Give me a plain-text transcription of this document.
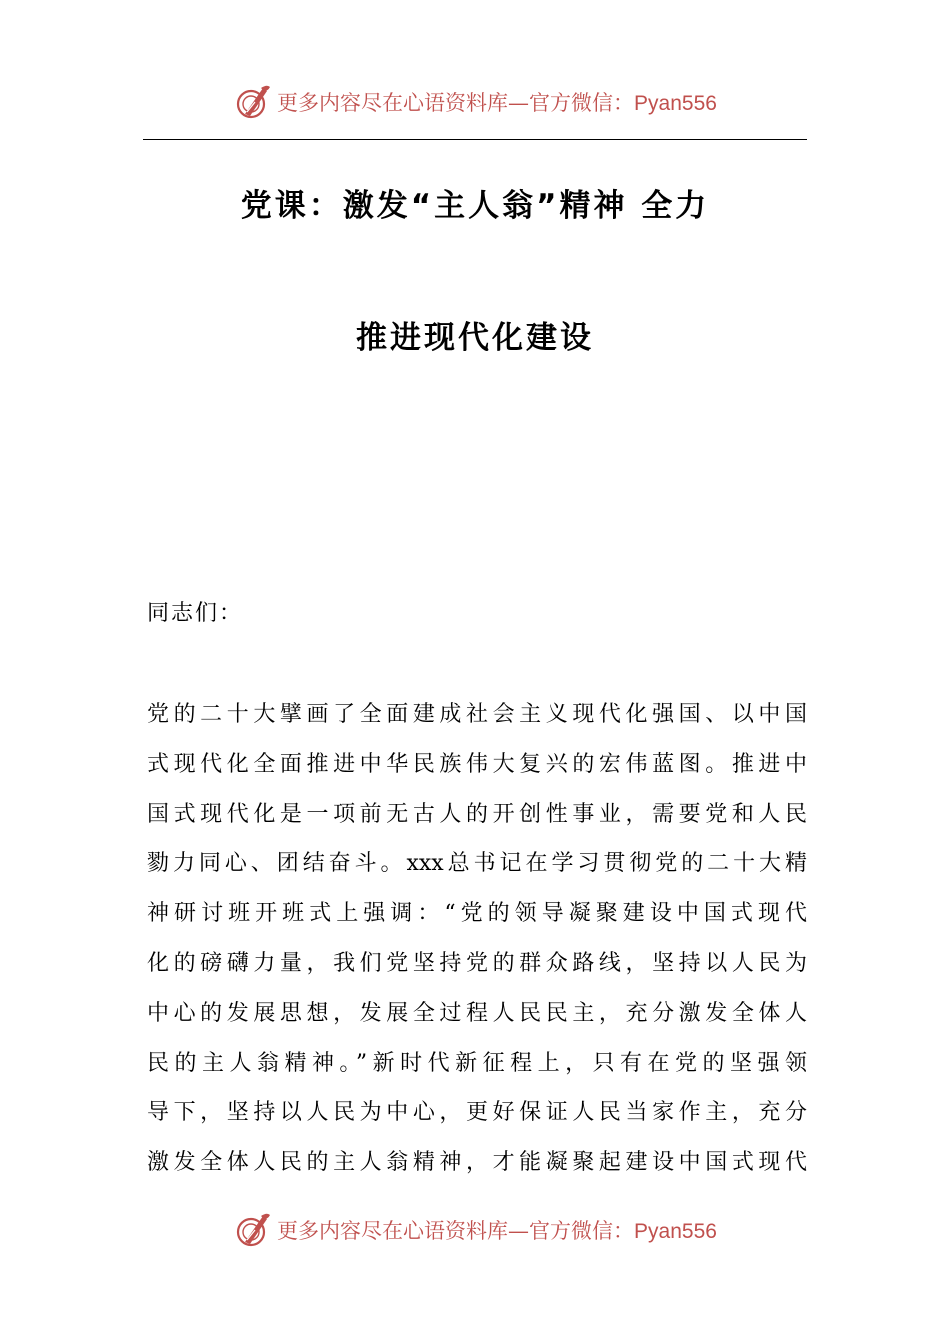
更多内容尽在心语资料库—官方微信：Pyan556
党课：激发“主人翁”精神 全力
推进现代化建设
同志们：
党的二十大擘画了全面建成社会主义现代化强国、以中国
式现代化全面推进中华民族伟大复兴的宏伟蓝图。推进中
国式现代化是一项前无古人的开创性事业，需要党和人民
勠力同心、团结奋斗。xxx总书记在学习贯彻党的二十大精
神研讨班开班式上强调：“党的领导凝聚建设中国式现代
化的磅礴力量，我们党坚持党的群众路线，坚持以人民为
中心的发展思想，发展全过程人民民主，充分激发全体人
民的主人翁精神。”新时代新征程上，只有在党的坚强领
导下，坚持以人民为中心，更好保证人民当家作主，充分
激发全体人民的主人翁精神，才能凝聚起建设中国式现代
更多内容尽在心语资料库—官方微信：Pyan556
